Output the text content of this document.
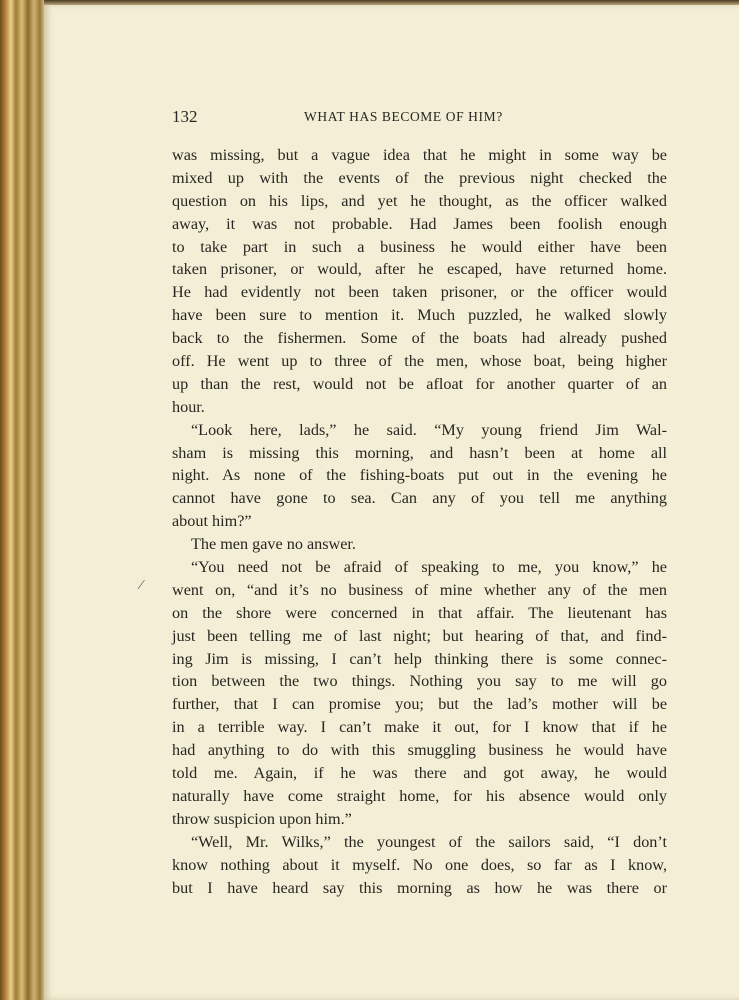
132	WHAT HAS BECOME OF HIM?
⁄
was missing, but a vague idea that he might in some way be
mixed up with the events of the previous night checked the
question on his lips, and yet he thought, as the officer walked
away, it was not probable. Had James been foolish enough
to take part in such a business he would either have been
taken prisoner, or would, after he escaped, have returned home.
He had evidently not been taken prisoner, or the officer would
have been sure to mention it. Much puzzled, he walked slowly
back to the fishermen. Some of the boats had already pushed
off. He went up to three of the men, whose boat, being higher
up than the rest, would not be afloat for another quarter of an
hour.
“Look here, lads,” he said. “My young friend Jim Wal-
sham is missing this morning, and hasn’t been at home all
night. As none of the fishing-boats put out in the evening he
cannot have gone to sea. Can any of you tell me anything
about him?”
The men gave no answer.
“You need not be afraid of speaking to me, you know,” he
went on, “and it’s no business of mine whether any of the men
on the shore were concerned in that affair. The lieutenant has
just been telling me of last night; but hearing of that, and find-
ing Jim is missing, I can’t help thinking there is some connec-
tion between the two things. Nothing you say to me will go
further, that I can promise you; but the lad’s mother will be
in a terrible way. I can’t make it out, for I know that if he
had anything to do with this smuggling business he would have
told me. Again, if he was there and got away, he would
naturally have come straight home, for his absence would only
throw suspicion upon him.”
“Well, Mr. Wilks,” the youngest of the sailors said, “I don’t
know nothing about it myself. No one does, so far as I know,
but I have heard say this morning as how he was there or
